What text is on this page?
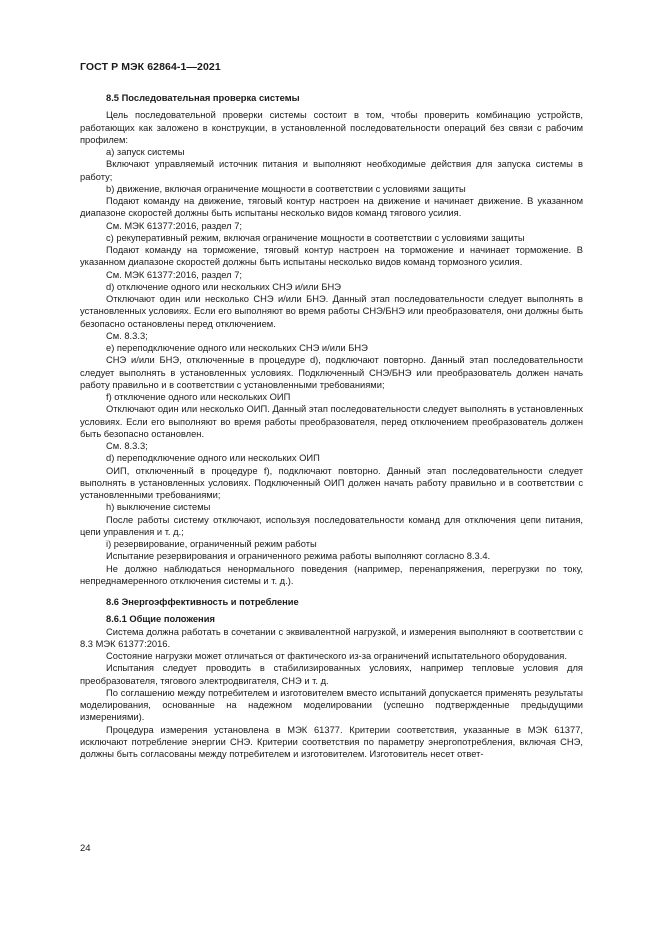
ГОСТ Р МЭК 62864-1—2021

8.5 Последовательная проверка системы

Цель последовательной проверки системы состоит в том, чтобы проверить комбинацию устройств, работающих как заложено в конструкции, в установленной последовательности операций без связи с рабочим профилем:

a) запуск системы

Включают управляемый источник питания и выполняют необходимые действия для запуска системы в работу;

b) движение, включая ограничение мощности в соответствии с условиями защиты

Подают команду на движение, тяговый контур настроен на движение и начинает движение. В указанном диапазоне скоростей должны быть испытаны несколько видов команд тягового усилия.

См. МЭК 61377:2016, раздел 7;

c) рекуперативный режим, включая ограничение мощности в соответствии с условиями защиты

Подают команду на торможение, тяговый контур настроен на торможение и начинает торможение. В указанном диапазоне скоростей должны быть испытаны несколько видов команд тормозного усилия.

См. МЭК 61377:2016, раздел 7;

d) отключение одного или нескольких СНЭ и/или БНЭ

Отключают один или несколько СНЭ и/или БНЭ. Данный этап последовательности следует выполнять в установленных условиях. Если его выполняют во время работы СНЭ/БНЭ или преобразователя, они должны быть безопасно остановлены перед отключением.

См. 8.3.3;

e) переподключение одного или нескольких СНЭ и/или БНЭ

СНЭ и/или БНЭ, отключенные в процедуре d), подключают повторно. Данный этап последовательности следует выполнять в установленных условиях. Подключенный СНЭ/БНЭ или преобразователь должен начать работу правильно и в соответствии с установленными требованиями;

f) отключение одного или нескольких ОИП

Отключают один или несколько ОИП. Данный этап последовательности следует выполнять в установленных условиях. Если его выполняют во время работы преобразователя, перед отключением преобразователь должен быть безопасно остановлен.

См. 8.3.3;

d) переподключение одного или нескольких ОИП

ОИП, отключенный в процедуре f), подключают повторно. Данный этап последовательности следует выполнять в установленных условиях. Подключенный ОИП должен начать работу правильно и в соответствии с установленными требованиями;

h) выключение системы

После работы систему отключают, используя последовательности команд для отключения цепи питания, цепи управления и т. д.;

i) резервирование, ограниченный режим работы

Испытание резервирования и ограниченного режима работы выполняют согласно 8.3.4.

Не должно наблюдаться ненормального поведения (например, перенапряжения, перегрузки по току, непреднамеренного отключения системы и т. д.).

8.6 Энергоэффективность и потребление

8.6.1 Общие положения

Система должна работать в сочетании с эквивалентной нагрузкой, и измерения выполняют в соответствии с 8.3 МЭК 61377:2016.

Состояние нагрузки может отличаться от фактического из-за ограничений испытательного оборудования.

Испытания следует проводить в стабилизированных условиях, например тепловые условия для преобразователя, тягового электродвигателя, СНЭ и т. д.

По соглашению между потребителем и изготовителем вместо испытаний допускается применять результаты моделирования, основанные на надежном моделировании (успешно подтвержденные предыдущими измерениями).

Процедура измерения установлена в МЭК 61377. Критерии соответствия, указанные в МЭК 61377, исключают потребление энергии СНЭ. Критерии соответствия по параметру энергопотребления, включая СНЭ, должны быть согласованы между потребителем и изготовителем. Изготовитель несет ответ-

24
